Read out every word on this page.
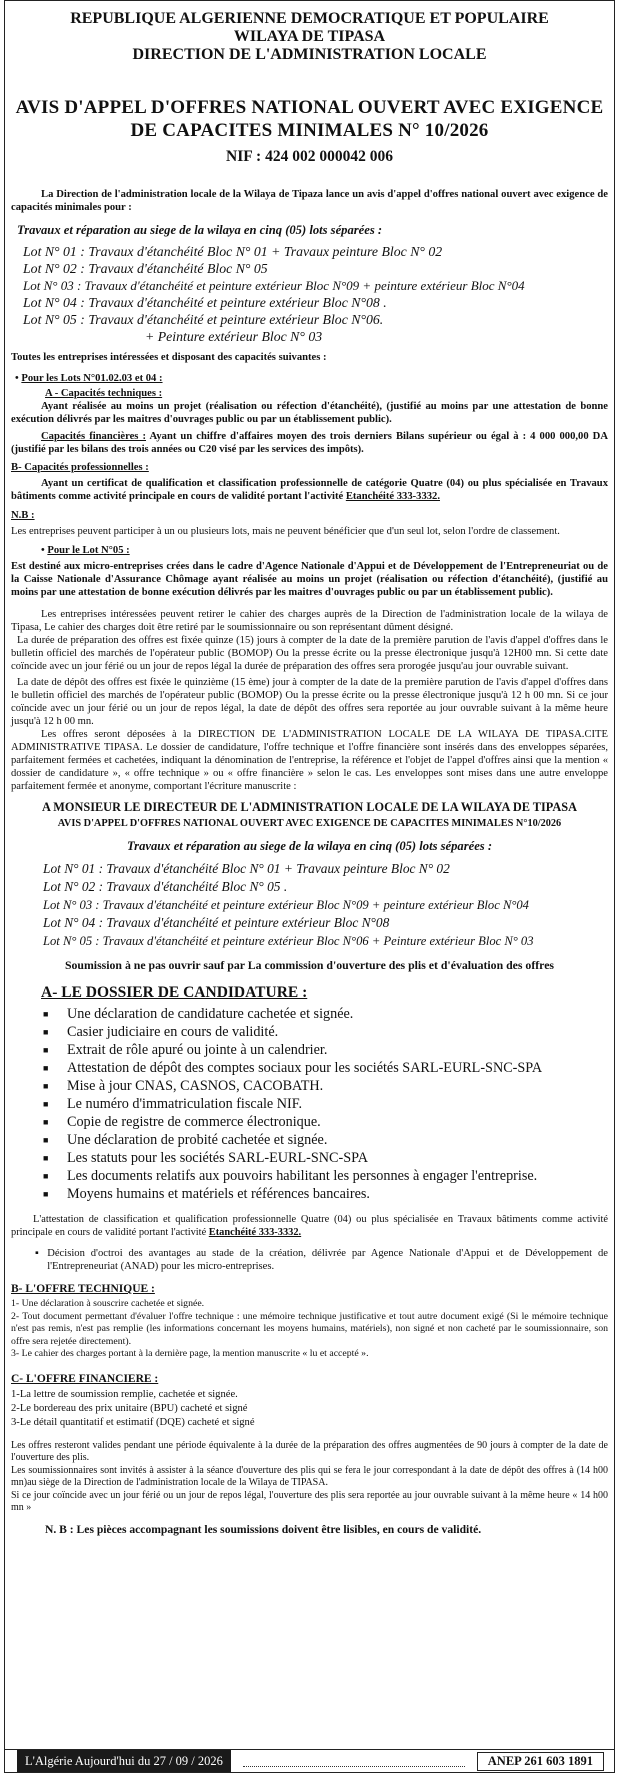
REPUBLIQUE ALGERIENNE DEMOCRATIQUE ET POPULAIRE
WILAYA DE TIPASA
DIRECTION DE L'ADMINISTRATION LOCALE
AVIS D'APPEL D'OFFRES NATIONAL OUVERT AVEC EXIGENCE
DE CAPACITES MINIMALES N° 10/2026
NIF : 424 002 000042 006
La Direction de l'administration locale de la Wilaya de Tipaza lance un avis d'appel d'offres national ouvert avec exigence de capacités minimales pour :
Travaux et réparation au siege de la wilaya en cinq (05) lots séparées :
Lot N° 01 : Travaux d'étanchéité Bloc N° 01 + Travaux peinture Bloc N° 02
Lot N° 02 : Travaux d'étanchéité Bloc N° 05
Lot N° 03 : Travaux d'étanchéité et peinture extérieur Bloc N°09 + peinture extérieur Bloc N°04
Lot N° 04 : Travaux d'étanchéité et peinture extérieur Bloc N°08 .
Lot N° 05 : Travaux d'étanchéité et peinture extérieur Bloc N°06.
+ Peinture extérieur Bloc N° 03
Toutes les entreprises intéressées et disposant des capacités suivantes :
• Pour les Lots N°01.02.03 et 04 :
A - Capacités techniques :
Ayant réalisée au moins un projet (réalisation ou réfection d'étanchéité), (justifié au moins par une attestation de bonne exécution délivrés par les maitres d'ouvrages public ou par un établissement public).
Capacités financières : Ayant un chiffre d'affaires moyen des trois derniers Bilans supérieur ou égal à : 4 000 000,00 DA (justifié par les bilans des trois années ou C20 visé par les services des impôts).
B- Capacités professionnelles :
Ayant un certificat de qualification et classification professionnelle de catégorie Quatre (04) ou plus spécialisée en Travaux bâtiments comme activité principale en cours de validité portant l'activité Etanchéité 333-3332.
N.B :
Les entreprises peuvent participer à un ou plusieurs lots, mais ne peuvent bénéficier que d'un seul lot, selon l'ordre de classement.
• Pour le Lot N°05 :
Est destiné aux micro-entreprises crées dans le cadre d'Agence Nationale d'Appui et de Développement de l'Entrepreneuriat ou de la Caisse Nationale d'Assurance Chômage ayant réalisée au moins un projet (réalisation ou réfection d'étanchéité), (justifié au moins par une attestation de bonne exécution délivrés par les maitres d'ouvrages public ou par un établissement public).
Les entreprises intéressées peuvent retirer le cahier des charges auprès de la Direction de l'administration locale de la wilaya de Tipasa, Le cahier des charges doit être retiré par le soumissionnaire ou son représentant dûment désigné.
La durée de préparation des offres est fixée quinze (15) jours à compter de la date de la première parution de l'avis d'appel d'offres dans le bulletin officiel des marchés de l'opérateur public (BOMOP) Ou la presse écrite ou la presse électronique jusqu'à 12H00 mn. Si cette date coïncide avec un jour férié ou un jour de repos légal la durée de préparation des offres sera prorogée jusqu'au jour ouvrable suivant.
La date de dépôt des offres est fixée le quinzième (15 ème) jour à compter de la date de la première parution de l'avis d'appel d'offres dans le bulletin officiel des marchés de l'opérateur public (BOMOP) Ou la presse écrite ou la presse électronique jusqu'à 12 h 00 mn. Si ce jour coïncide avec un jour férié ou un jour de repos légal, la date de dépôt des offres sera reportée au jour ouvrable suivant à la même heure jusqu'à 12 h 00 mn.
Les offres seront déposées à la DIRECTION DE L'ADMINISTRATION LOCALE DE LA WILAYA DE TIPASA.CITE ADMINISTRATIVE TIPASA. Le dossier de candidature, l'offre technique et l'offre financière sont insérés dans des enveloppes séparées, parfaitement fermées et cachetées, indiquant la dénomination de l'entreprise, la référence et l'objet de l'appel d'offres ainsi que la mention « dossier de candidature », « offre technique » ou « offre financière » selon le cas. Les enveloppes sont mises dans une autre enveloppe parfaitement fermée et anonyme, comportant l'écriture manuscrite :
A MONSIEUR LE DIRECTEUR DE L'ADMINISTRATION LOCALE DE LA WILAYA DE TIPASA
AVIS D'APPEL D'OFFRES NATIONAL OUVERT AVEC EXIGENCE DE CAPACITES MINIMALES N°10/2026
Travaux et réparation au siege de la wilaya en cinq (05) lots séparées :
Lot N° 01 : Travaux d'étanchéité Bloc N° 01 + Travaux peinture Bloc N° 02
Lot N° 02 : Travaux d'étanchéité Bloc N° 05 .
Lot N° 03 : Travaux d'étanchéité et peinture extérieur Bloc N°09 + peinture extérieur Bloc N°04
Lot N° 04 : Travaux d'étanchéité et peinture extérieur Bloc N°08
Lot N° 05 : Travaux d'étanchéité et peinture extérieur Bloc N°06 + Peinture extérieur Bloc N° 03
Soumission à ne pas ouvrir sauf par La commission d'ouverture des plis et d'évaluation des offres
A- LE DOSSIER DE CANDIDATURE :
■	Une déclaration de candidature cachetée et signée.
■	Casier judiciaire en cours de validité.
■	Extrait de rôle apuré ou jointe à un calendrier.
■	Attestation de dépôt des comptes sociaux pour les sociétés SARL-EURL-SNC-SPA
■	Mise à jour CNAS, CASNOS, CACOBATH.
■	Le numéro d'immatriculation fiscale NIF.
■	Copie de registre de commerce électronique.
■	Une déclaration de probité cachetée et signée.
■	Les statuts pour les sociétés SARL-EURL-SNC-SPA
■	Les documents relatifs aux pouvoirs habilitant les personnes à engager l'entreprise.
■	Moyens humains et matériels et références bancaires.
L'attestation de classification et qualification professionnelle Quatre (04) ou plus spécialisée en Travaux bâtiments comme activité principale en cours de validité portant l'activité Etanchéité 333-3332.
▪ Décision d'octroi des avantages au stade de la création, délivrée par Agence Nationale d'Appui et de Développement de l'Entrepreneuriat (ANAD) pour les micro-entreprises.
B- L'OFFRE TECHNIQUE :
1- Une déclaration à souscrire cachetée et signée.
2- Tout document permettant d'évaluer l'offre technique : une mémoire technique justificative et tout autre document exigé (Si le mémoire technique n'est pas remis, n'est pas remplie (les informations concernant les moyens humains, matériels), non signé et non cacheté par le soumissionnaire, son offre sera rejetée directement).
3- Le cahier des charges portant à la dernière page, la mention manuscrite « lu et accepté ».
C- L'OFFRE FINANCIERE :
1-La lettre de soumission remplie, cachetée et signée.
2-Le bordereau des prix unitaire (BPU) cacheté et signé
3-Le détail quantitatif et estimatif (DQE) cacheté et signé
Les offres resteront valides pendant une période équivalente à la durée de la préparation des offres augmentées de 90 jours à compter de la date de l'ouverture des plis.
Les soumissionnaires sont invités à assister à la séance d'ouverture des plis qui se fera le jour correspondant à la date de dépôt des offres à (14 h00 mn)au siège de la Direction de l'administration locale de la Wilaya de TIPASA.
Si ce jour coïncide avec un jour férié ou un jour de repos légal, l'ouverture des plis sera reportée au jour ouvrable suivant à la même heure « 14 h00 mn »
N. B : Les pièces accompagnant les soumissions doivent être lisibles, en cours de validité.
L'Algérie Aujourd'hui du 27 / 09 / 2026	ANEP 261 603 1891
